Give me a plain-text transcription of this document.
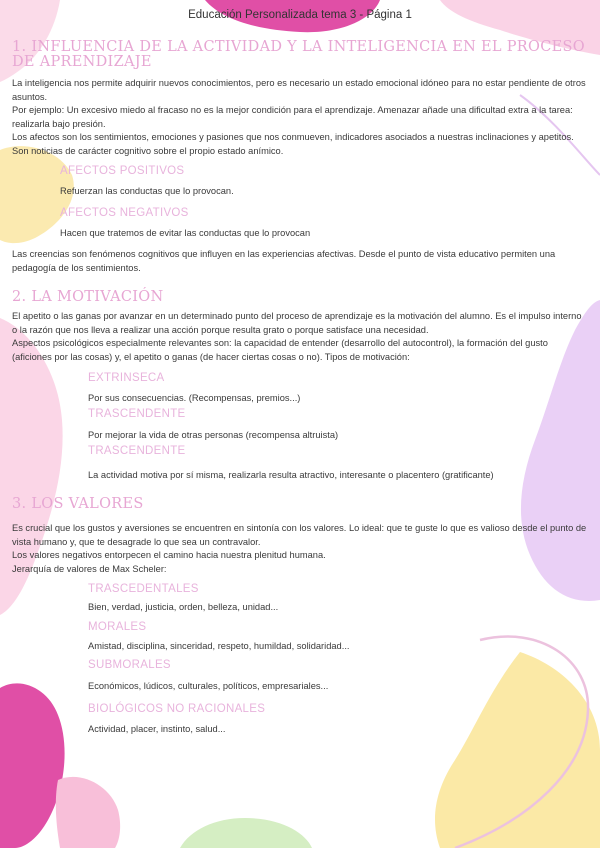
Educación Personalizada tema 3 - Página 1
1. INFLUENCIA DE LA ACTIVIDAD Y LA INTELIGENCIA EN EL PROCESO DE APRENDIZAJE

La inteligencia nos permite adquirir nuevos conocimientos, pero es necesario un estado emocional idóneo para no estar pendiente de otros asuntos.

Por ejemplo: Un excesivo miedo al fracaso no es la mejor condición para el aprendizaje. Amenazar añade una dificultad extra a la tarea: realizarla bajo presión.

Los afectos son los sentimientos, emociones y pasiones que nos conmueven, indicadores asociados a nuestras inclinaciones y apetitos. Son noticias de carácter cognitivo sobre el propio estado anímico.

AFECTOS POSITIVOS
Refuerzan las conductas que lo provocan.
AFECTOS NEGATIVOS
Hacen que tratemos de evitar las conductas que lo provocan

Las creencias son fenómenos cognitivos que influyen en las experiencias afectivas. Desde el punto de vista educativo permiten una pedagogía de los sentimientos.

2. LA MOTIVACIÓN

El apetito o las ganas por avanzar en un determinado punto del proceso de aprendizaje es la motivación del alumno. Es el impulso interno o la razón que nos lleva a realizar una acción porque resulta grato o porque satisface una necesidad.

Aspectos psicológicos especialmente relevantes son: la capacidad de entender (desarrollo del autocontrol), la formación del gusto (aficiones por las cosas) y, el apetito o ganas (de hacer ciertas cosas o no). Tipos de motivación:

EXTRINSECA
Por sus consecuencias. (Recompensas, premios...)
TRASCENDENTE
Por mejorar la vida de otras personas (recompensa altruista)
TRASCENDENTE
La actividad motiva por sí misma, realizarla resulta atractivo, interesante o placentero (gratificante)
3. LOS VALORES

Es crucial que los gustos y aversiones se encuentren en sintonía con los valores. Lo ideal: que te guste lo que es valioso desde el punto de vista humano y, que te desagrade lo que sea un contravalor.

Los valores negativos entorpecen el camino hacia nuestra plenitud humana.

Jerarquía de valores de Max Scheler:

TRASCEDENTALES
Bien, verdad, justicia, orden, belleza, unidad...
MORALES
Amistad, disciplina, sinceridad, respeto, humildad, solidaridad...
SUBMORALES
Económicos, lúdicos, culturales, políticos, empresariales...
BIOLÓGICOS NO RACIONALES
Actividad, placer, instinto, salud...
